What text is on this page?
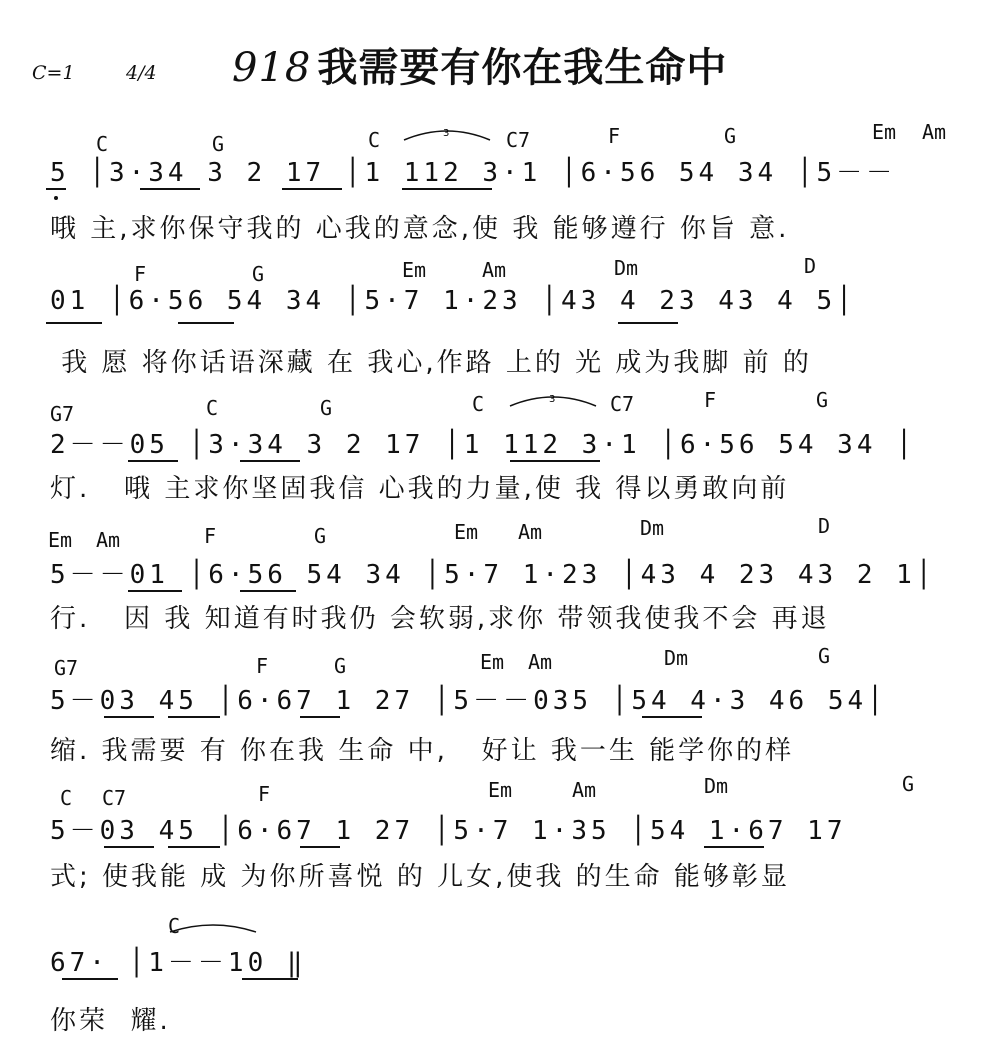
C=1	4/4 918 我需要有你在我生命中
C	G	C	C7	F	G	Em Am
3
5 │3·34 3 2 17 │1 112 3·1 │6·56 54 34 │5－－
哦 主,求你保守我的 心我的意念,使 我 能够遵行 你旨 意.
F	G	Em	Am	Dm	D
01 │6·56 54 34 │5·7 1·23 │43 4 23 43 4 5│
我 愿 将你话语深藏 在 我心,作路 上的 光 成为我脚 前 的
G7	C	G	C	C7	F	G
3
2－－05 │3·34 3 2 17 │1 112 3·1 │6·56 54 34 │
灯.   哦 主求你坚固我信 心我的力量,使 我 得以勇敢向前
Em Am	F	G	Em Am	Dm	D
5－－01 │6·56 54 34 │5·7 1·23 │43 4 23 43 2 1│
行.   因 我 知道有时我仍 会软弱,求你 带领我使我不会 再退
G7	F	G	Em Am	Dm	G
5－03 45 │6·67 1 27 │5－－035 │54 4·3 46 54│
缩. 我需要 有 你在我 生命 中,   好让 我一生 能学你的样
C C7	F	Em	Am	Dm	G
5－03 45 │6·67 1 27 │5·7 1·35 │54 1·67 17
式; 使我能 成 为你所喜悦 的 儿女,使我 的生命 能够彰显
C
67· │1－－10 ‖
你荣  耀.
